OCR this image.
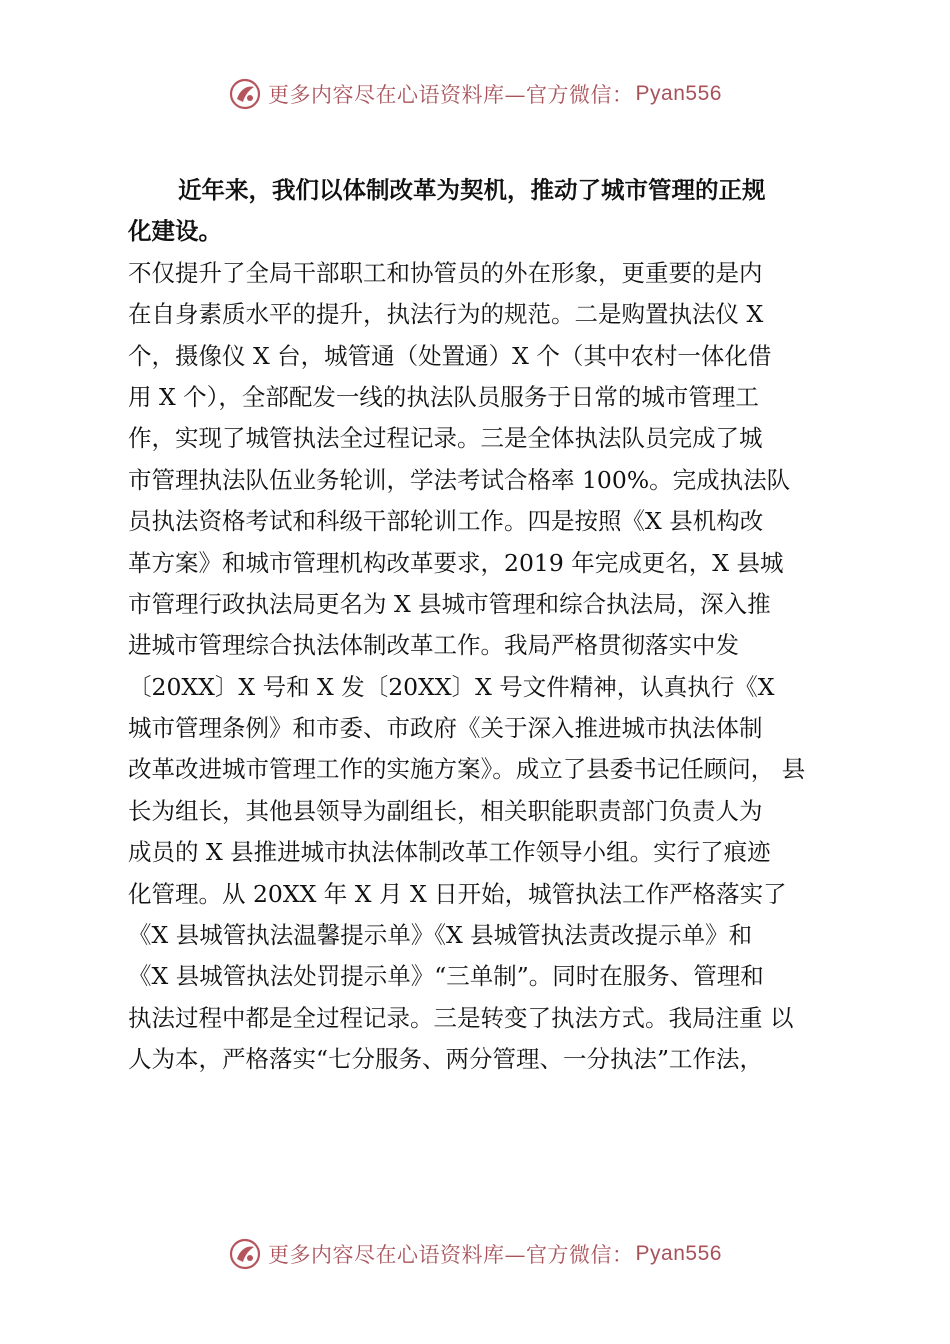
更多内容尽在心语资料库—官方微信： Pyan556
近年来，我们以体制改革为契机，推动了城市管理的正规
化建设。
不仅提升了全局干部职工和协管员的外在形象，更重要的是内
在自身素质水平的提升，执法行为的规范。二是购置执法仪 X
个，摄像仪 X 台，城管通（处置通）X 个（其中农村一体化借
用 X 个），全部配发一线的执法队员服务于日常的城市管理工
作，实现了城管执法全过程记录。三是全体执法队员完成了城
市管理执法队伍业务轮训，学法考试合格率 100%。完成执法队
员执法资格考试和科级干部轮训工作。四是按照《X 县机构改
革方案》和城市管理机构改革要求，2019 年完成更名，X 县城
市管理行政执法局更名为 X 县城市管理和综合执法局，深入推
进城市管理综合执法体制改革工作。我局严格贯彻落实中发
〔20XX〕X 号和 X 发〔20XX〕X 号文件精神，认真执行《X
城市管理条例》和市委、市政府《关于深入推进城市执法体制
改革改进城市管理工作的实施方案》。成立了县委书记任顾问， 县
长为组长，其他县领导为副组长，相关职能职责部门负责人为
成员的 X 县推进城市执法体制改革工作领导小组。实行了痕迹
化管理。从 20XX 年 X 月 X 日开始，城管执法工作严格落实了
《X 县城管执法温馨提示单》《X 县城管执法责改提示单》和
《X 县城管执法处罚提示单》“三单制”。同时在服务、管理和
执法过程中都是全过程记录。三是转变了执法方式。我局注重 以
人为本，严格落实“七分服务、两分管理、一分执法”工作法，
更多内容尽在心语资料库—官方微信： Pyan556
